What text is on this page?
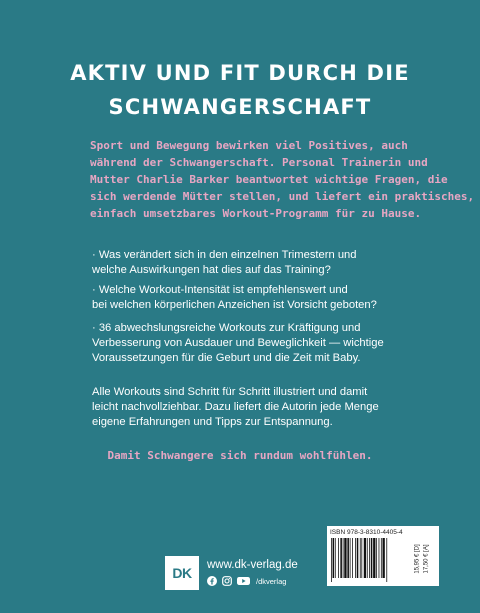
AKTIV UND FIT DURCH DIE
SCHWANGERSCHAFT
Sport und Bewegung bewirken viel Positives, auch
während der Schwangerschaft. Personal Trainerin und
Mutter Charlie Barker beantwortet wichtige Fragen, die
sich werdende Mütter stellen, und liefert ein praktisches,
einfach umsetzbares Workout-Programm für zu Hause.
· Was verändert sich in den einzelnen Trimestern und
welche Auswirkungen hat dies auf das Training?
· Welche Workout-Intensität ist empfehlenswert und
bei welchen körperlichen Anzeichen ist Vorsicht geboten?
· 36 abwechslungsreiche Workouts zur Kräftigung und
Verbesserung von Ausdauer und Beweglichkeit — wichtige
Voraussetzungen für die Geburt und die Zeit mit Baby.
Alle Workouts sind Schritt für Schritt illustriert und damit
leicht nachvollziehbar. Dazu liefert die Autorin jede Menge
eigene Erfahrungen und Tipps zur Entspannung.
Damit Schwangere sich rundum wohlfühlen.
DK www.dk-verlag.de
/dkverlag
ISBN 978-3-8310-4405-4
15,95 € [D] 17,50 € [A]
